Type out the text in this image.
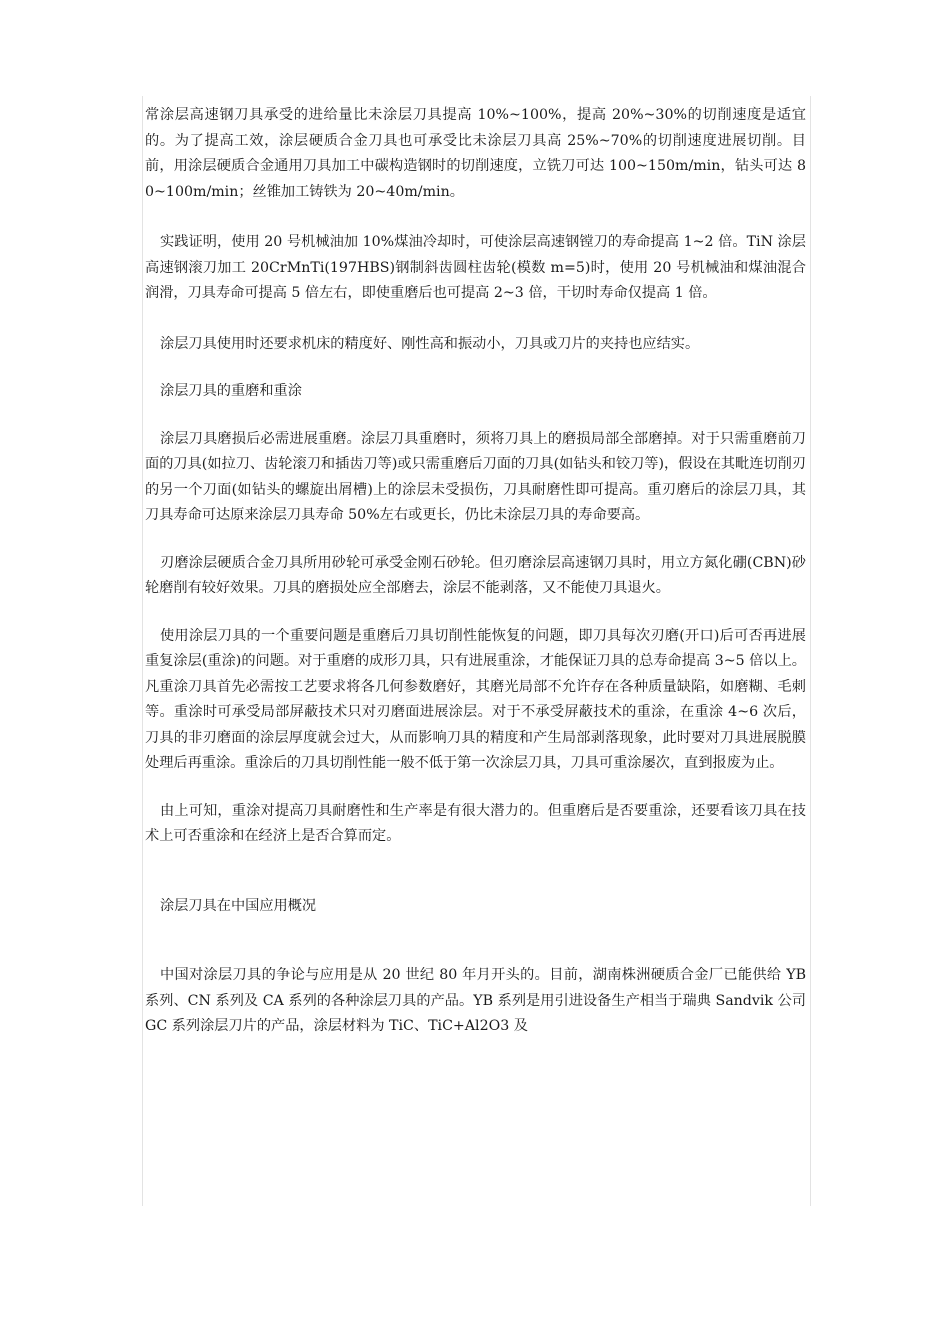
常涂层高速钢刀具承受的进给量比未涂层刀具提高 10%~100%，提高 20%~30%的切削速度是适宜的。为了提高工效，涂层硬质合金刀具也可承受比未涂层刀具高 25%~70%的切削速度进展切削。目前，用涂层硬质合金通用刀具加工中碳构造钢时的切削速度，立铣刀可达 100~150m/min，钻头可达 80~100m/min；丝锥加工铸铁为 20~40m/min。

实践证明，使用 20 号机械油加 10%煤油冷却时，可使涂层高速钢镗刀的寿命提高 1~2 倍。TiN 涂层高速钢滚刀加工 20CrMnTi(197HBS)钢制斜齿圆柱齿轮(模数 m=5)时，使用 20 号机械油和煤油混合润滑，刀具寿命可提高 5 倍左右，即使重磨后也可提高 2~3 倍，干切时寿命仅提高 1 倍。

涂层刀具使用时还要求机床的精度好、刚性高和振动小，刀具或刀片的夹持也应结实。

涂层刀具的重磨和重涂

涂层刀具磨损后必需进展重磨。涂层刀具重磨时，须将刀具上的磨损局部全部磨掉。对于只需重磨前刀面的刀具(如拉刀、齿轮滚刀和插齿刀等)或只需重磨后刀面的刀具(如钻头和铰刀等)，假设在其毗连切削刃的另一个刀面(如钻头的螺旋出屑槽)上的涂层未受损伤，刀具耐磨性即可提高。重刃磨后的涂层刀具，其刀具寿命可达原来涂层刀具寿命 50%左右或更长，仍比未涂层刀具的寿命要高。

刃磨涂层硬质合金刀具所用砂轮可承受金刚石砂轮。但刃磨涂层高速钢刀具时，用立方氮化硼(CBN)砂轮磨削有较好效果。刀具的磨损处应全部磨去，涂层不能剥落，又不能使刀具退火。

使用涂层刀具的一个重要问题是重磨后刀具切削性能恢复的问题，即刀具每次刃磨(开口)后可否再进展重复涂层(重涂)的问题。对于重磨的成形刀具，只有进展重涂，才能保证刀具的总寿命提高 3~5 倍以上。凡重涂刀具首先必需按工艺要求将各几何参数磨好，其磨光局部不允许存在各种质量缺陷，如磨糊、毛刺等。重涂时可承受局部屏蔽技术只对刃磨面进展涂层。对于不承受屏蔽技术的重涂，在重涂 4~6 次后，刀具的非刃磨面的涂层厚度就会过大，从而影响刀具的精度和产生局部剥落现象，此时要对刀具进展脱膜处理后再重涂。重涂后的刀具切削性能一般不低于第一次涂层刀具，刀具可重涂屡次，直到报废为止。

由上可知，重涂对提高刀具耐磨性和生产率是有很大潜力的。但重磨后是否要重涂，还要看该刀具在技术上可否重涂和在经济上是否合算而定。

涂层刀具在中国应用概况

中国对涂层刀具的争论与应用是从 20 世纪 80 年月开头的。目前，湖南株洲硬质合金厂已能供给 YB 系列、CN 系列及 CA 系列的各种涂层刀具的产品。YB 系列是用引进设备生产相当于瑞典 Sandvik 公司 GC 系列涂层刀片的产品，涂层材料为 TiC、TiC+Al2O3 及
